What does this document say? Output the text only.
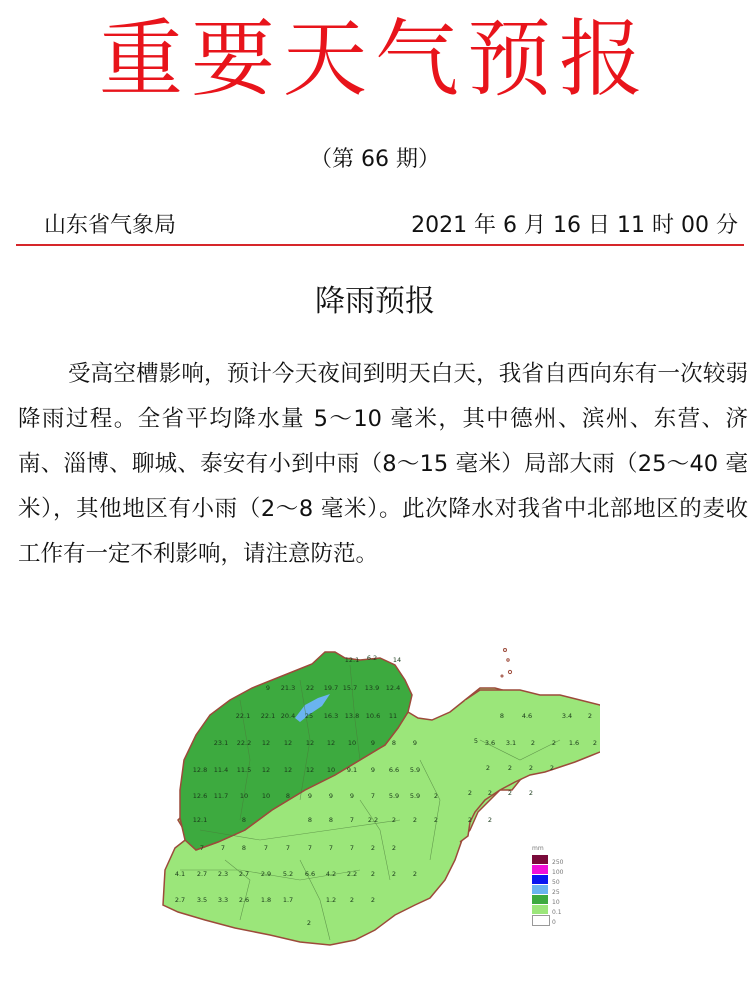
重要天气预报
（第 66 期）
山东省气象局	2021 年 6 月 16 日 11 时 00 分
降雨预报

受高空槽影响，预计今天夜间到明天白天，我省自西向东有一次较弱降雨过程。全省平均降水量 5～10 毫米，其中德州、滨州、东营、济南、淄博、聊城、泰安有小到中雨（8～15 毫米）局部大雨（25～40 毫米），其他地区有小雨（2～8 毫米）。此次降水对我省中北部地区的麦收工作有一定不利影响，请注意防范。

6.2
12.1	14
9 21.3 22 19.7 15.7 13.9 12.4
22.1 22.1 20.4 25 16.3 13.8 10.6 11
23.1 22.2 12 12 12 12 10 9	8	9
12.8 11.4 11.5 12 12 12 10 9.1 9 6.6 5.9
12.6 11.7 10 10 8	9	9	9	7 5.9 5.9 2
12.1	8	8	8	7 2.2 2	2	2
7	7	8	7	7	7	7	7	2	2
4.1 2.7 2.3 2.7 2.9 5.2 6.6 4.2 2.2 2	2	2
2.7 3.5 3.3 2.6 1.8 1.7	1.2 2	2
2
8	4.6	3.4 2
5 3.6 3.1 2	2 1.6 2
2	2	2	2
2 2 2	2
2 2
mm
250
100
50
25
10
0.1
0
